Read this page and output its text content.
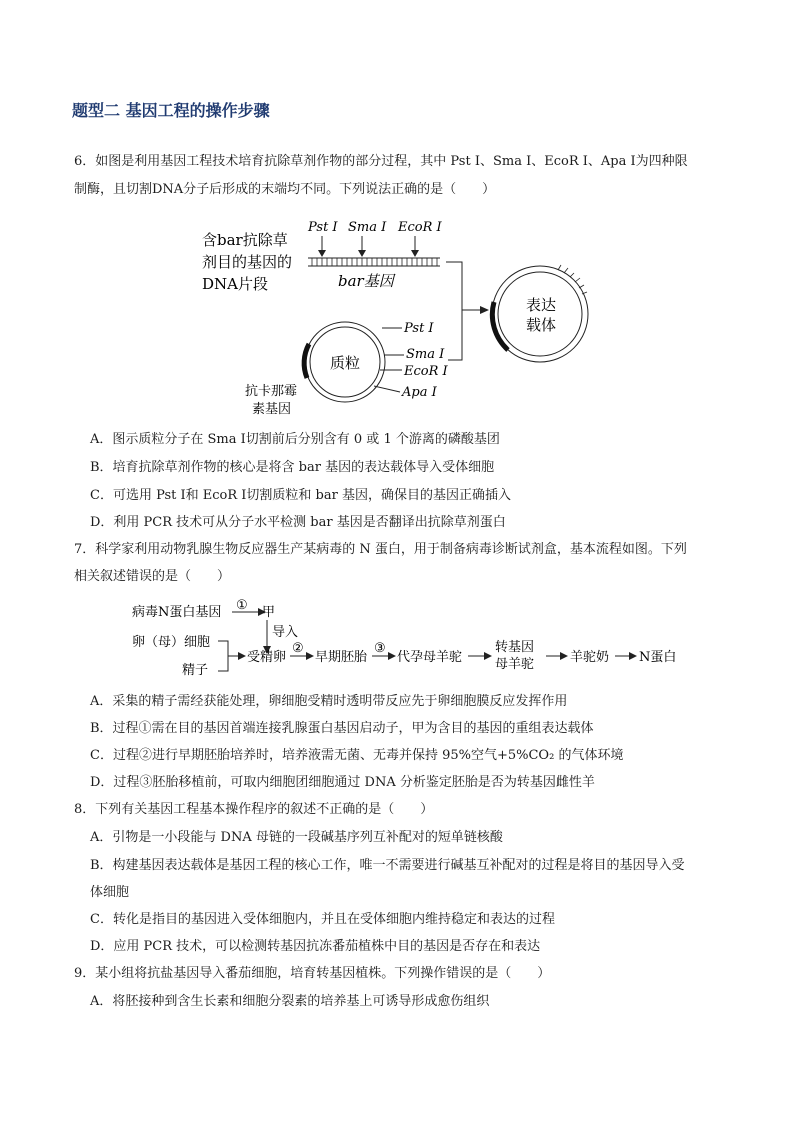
题型二 基因工程的操作步骤
6．如图是利用基因工程技术培育抗除草剂作物的部分过程，其中 Pst Ⅰ、Sma Ⅰ、EcoR Ⅰ、Apa Ⅰ为四种限
制酶，且切割DNA分子后形成的末端均不同。下列说法正确的是（　　）
含bar抗除草
剂目的基因的
DNA片段	bar基因
Pst Ⅰ Sma Ⅰ EcoR Ⅰ
质粒
抗卡那霉
素基因
Pst Ⅰ
Sma Ⅰ
EcoR Ⅰ
Apa Ⅰ
表达
载体
A．图示质粒分子在 Sma Ⅰ切割前后分别含有 0 或 1 个游离的磷酸基团
B．培育抗除草剂作物的核心是将含 bar 基因的表达载体导入受体细胞
C．可选用 Pst Ⅰ和 EcoR Ⅰ切割质粒和 bar 基因，确保目的基因正确插入
D．利用 PCR 技术可从分子水平检测 bar 基因是否翻译出抗除草剂蛋白
7．科学家利用动物乳腺生物反应器生产某病毒的 N 蛋白，用于制备病毒诊断试剂盒，基本流程如图。下列
相关叙述错误的是（　　）
病毒N蛋白基因 ① 甲
导入
卵（母）细胞
精子
受精卵
②
早期胚胎
③
代孕母羊驼
转基因
母羊驼	羊驼奶 N蛋白
A．采集的精子需经获能处理，卵细胞受精时透明带反应先于卵细胞膜反应发挥作用
B．过程①需在目的基因首端连接乳腺蛋白基因启动子，甲为含目的基因的重组表达载体
C．过程②进行早期胚胎培养时，培养液需无菌、无毒并保持 95%空气+5%CO₂ 的气体环境
D．过程③胚胎移植前，可取内细胞团细胞通过 DNA 分析鉴定胚胎是否为转基因雌性羊
8．下列有关基因工程基本操作程序的叙述不正确的是（　　）
A．引物是一小段能与 DNA 母链的一段碱基序列互补配对的短单链核酸
B．构建基因表达载体是基因工程的核心工作，唯一不需要进行碱基互补配对的过程是将目的基因导入受
体细胞
C．转化是指目的基因进入受体细胞内，并且在受体细胞内维持稳定和表达的过程
D．应用 PCR 技术，可以检测转基因抗冻番茄植株中目的基因是否存在和表达
9．某小组将抗盐基因导入番茄细胞，培育转基因植株。下列操作错误的是（　　）
A．将胚接种到含生长素和细胞分裂素的培养基上可诱导形成愈伤组织
